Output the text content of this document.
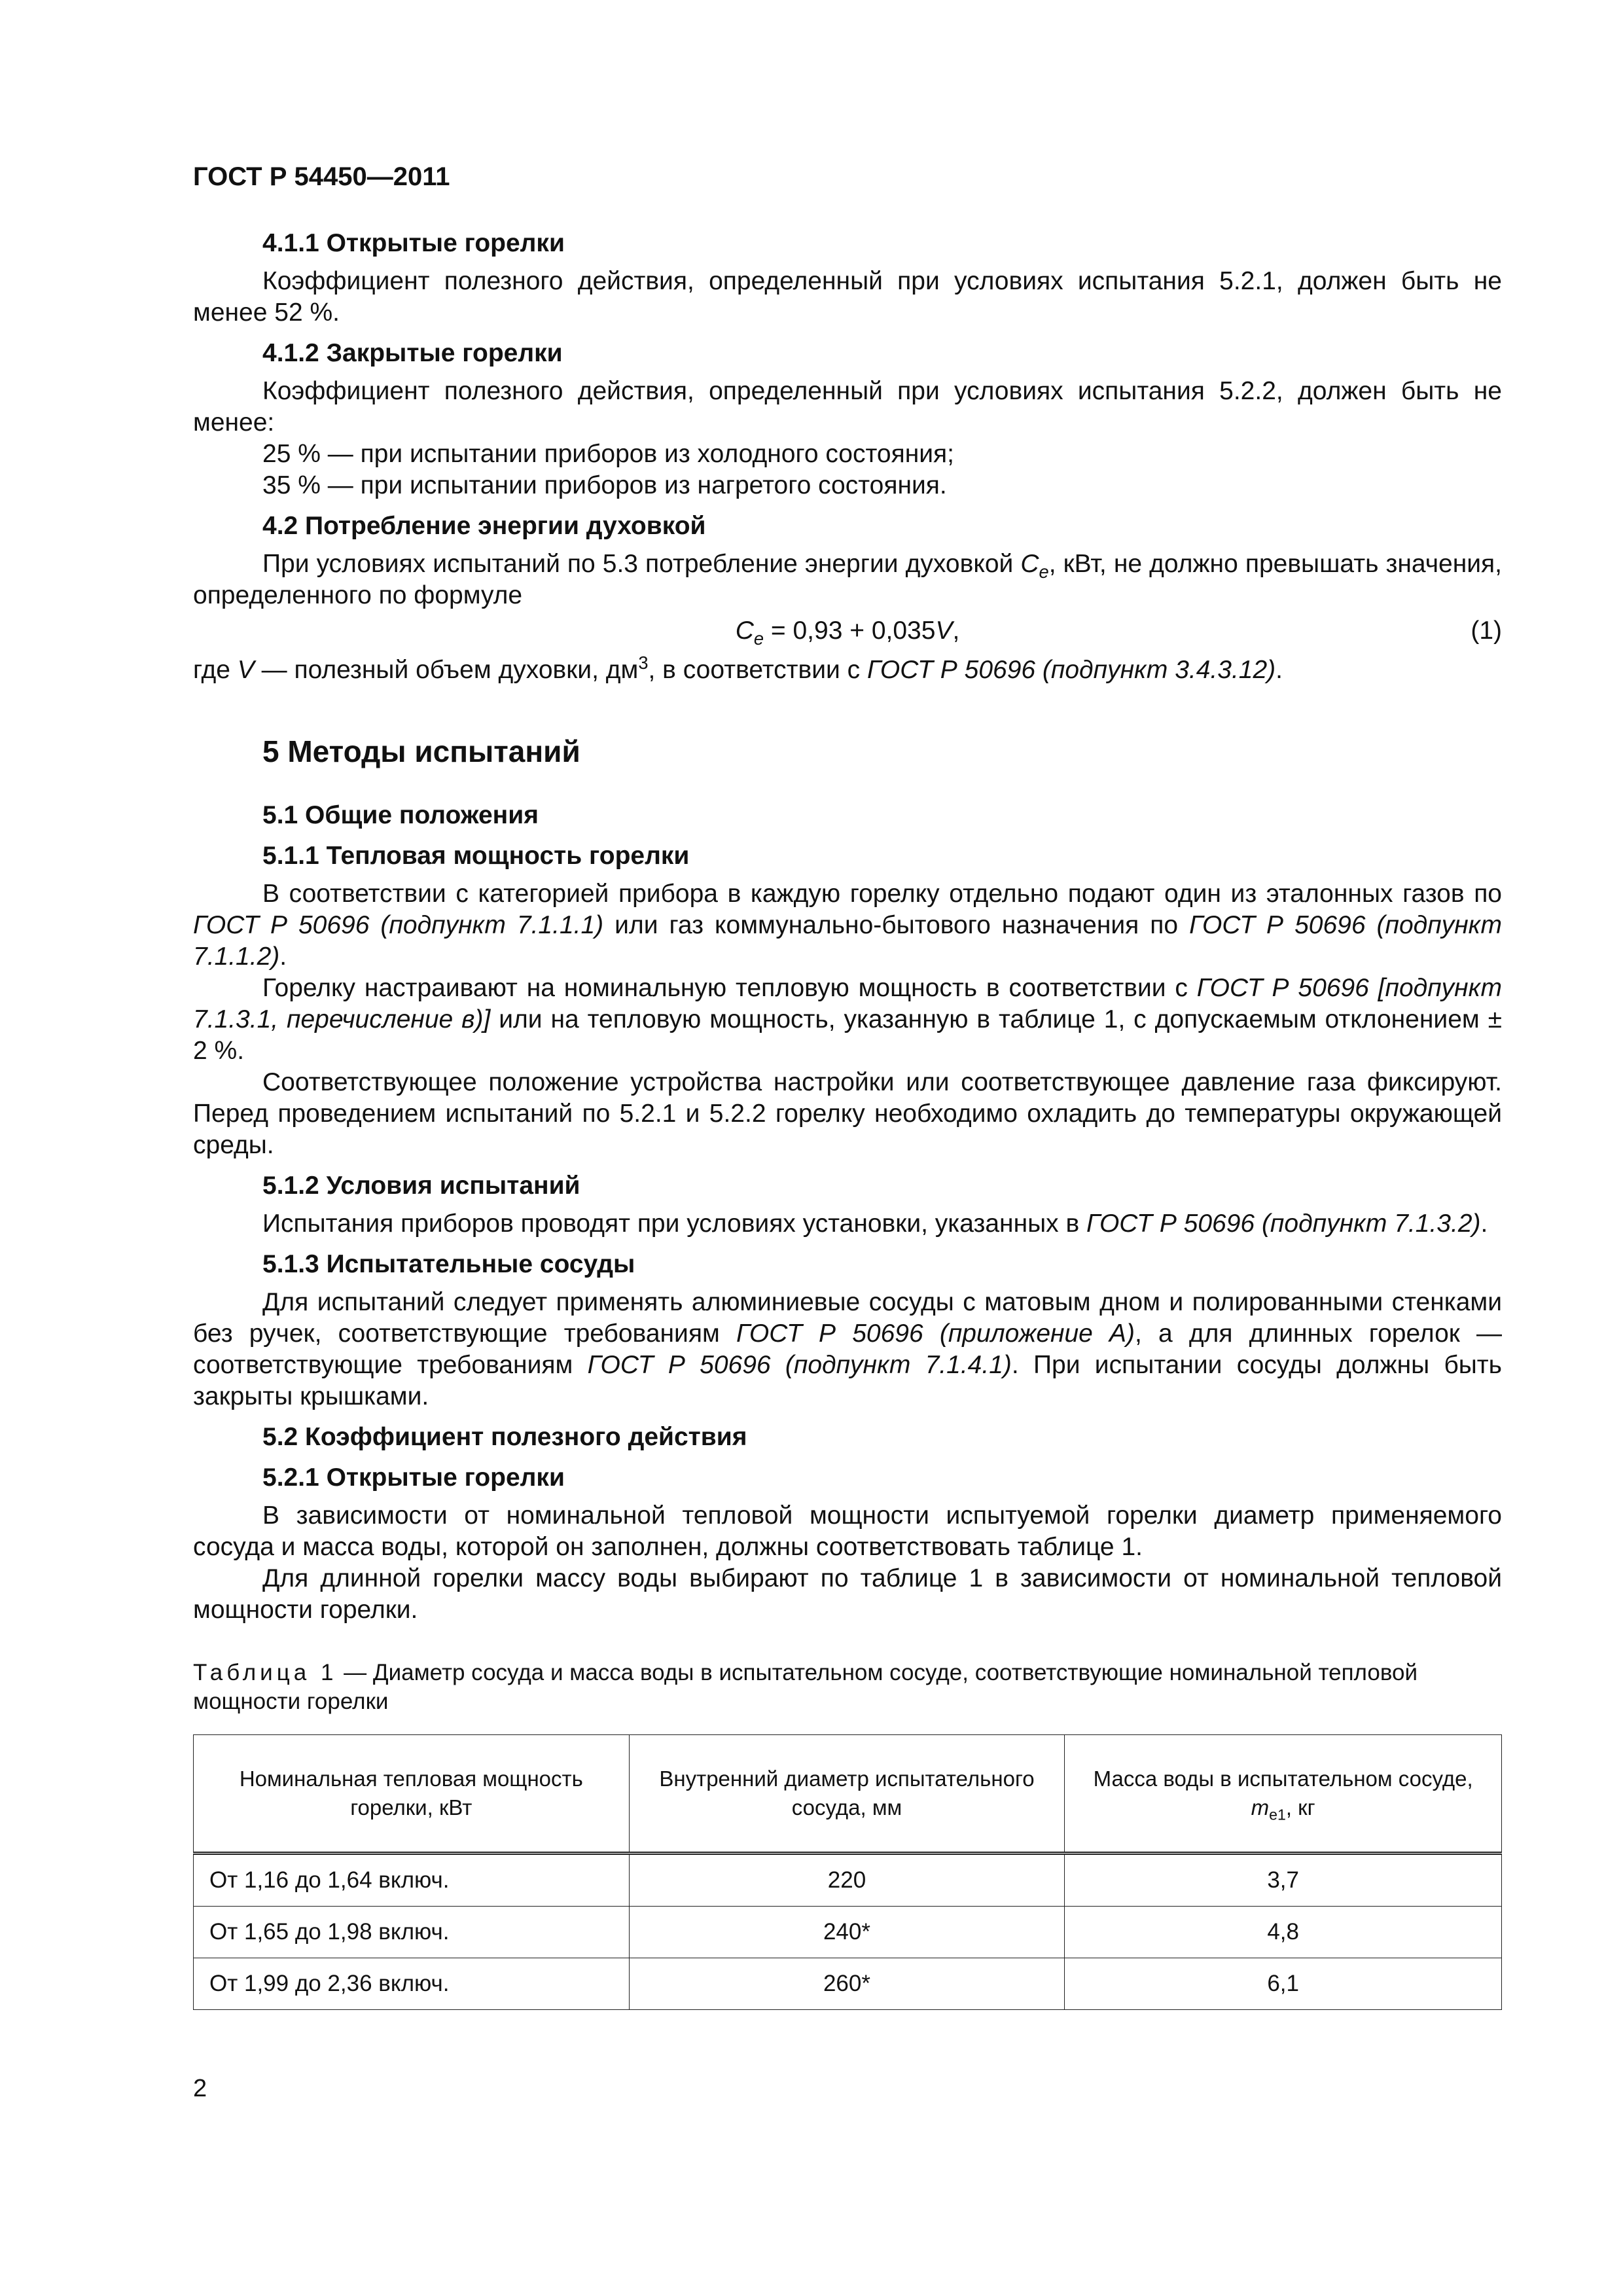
ГОСТ Р 54450—2011
4.1.1 Открытые горелки

Коэффициент полезного действия, определенный при условиях испытания 5.2.1, должен быть не менее 52 %.

4.1.2 Закрытые горелки

Коэффициент полезного действия, определенный при условиях испытания 5.2.2, должен быть не менее:

25 % — при испытании приборов из холодного состояния;

35 % — при испытании приборов из нагретого состояния.

4.2 Потребление энергии духовкой

При условиях испытаний по 5.3 потребление энергии духовкой $C_e$, кВт, не должно превышать значения, определенного по формуле

$C_e = 0,93 + 0,035V$,	(1)

где V — полезный объем духовки, $дм^3$, в соответствии с ГОСТ Р 50696 (подпункт 3.4.3.12).

5 Методы испытаний
5.1 Общие положения
5.1.1 Тепловая мощность горелки

В соответствии с категорией прибора в каждую горелку отдельно подают один из эталонных газов по ГОСТ Р 50696 (подпункт 7.1.1.1) или газ коммунально-бытового назначения по ГОСТ Р 50696 (подпункт 7.1.1.2).

Горелку настраивают на номинальную тепловую мощность в соответствии с ГОСТ Р 50696 [подпункт 7.1.3.1, перечисление в)] или на тепловую мощность, указанную в таблице 1, с допускаемым отклонением ± 2 %.

Соответствующее положение устройства настройки или соответствующее давление газа фиксируют. Перед проведением испытаний по 5.2.1 и 5.2.2 горелку необходимо охладить до температуры окружающей среды.

5.1.2 Условия испытаний

Испытания приборов проводят при условиях установки, указанных в ГОСТ Р 50696 (подпункт 7.1.3.2).

5.1.3 Испытательные сосуды

Для испытаний следует применять алюминиевые сосуды с матовым дном и полированными стенками без ручек, соответствующие требованиям ГОСТ Р 50696 (приложение А), а для длинных горелок — соответствующие требованиям ГОСТ Р 50696 (подпункт 7.1.4.1). При испытании сосуды должны быть закрыты крышками.

5.2 Коэффициент полезного действия
5.2.1 Открытые горелки

В зависимости от номинальной тепловой мощности испытуемой горелки диаметр применяемого сосуда и масса воды, которой он заполнен, должны соответствовать таблице 1.

Для длинной горелки массу воды выбирают по таблице 1 в зависимости от номинальной тепловой мощности горелки.

Таблица 1 — Диаметр сосуда и масса воды в испытательном сосуде, соответствующие номинальной тепловой мощности горелки
Номинальная тепловая мощность горелки, кВт	Внутренний диаметр испытательного сосуда, мм	Масса воды в испытательном сосуде,
$m_{e1}$, кг
От 1,16 до 1,64 включ.	220	3,7
От 1,65 до 1,98 включ.	240*	4,8
От 1,99 до 2,36 включ.	260*	6,1
2
